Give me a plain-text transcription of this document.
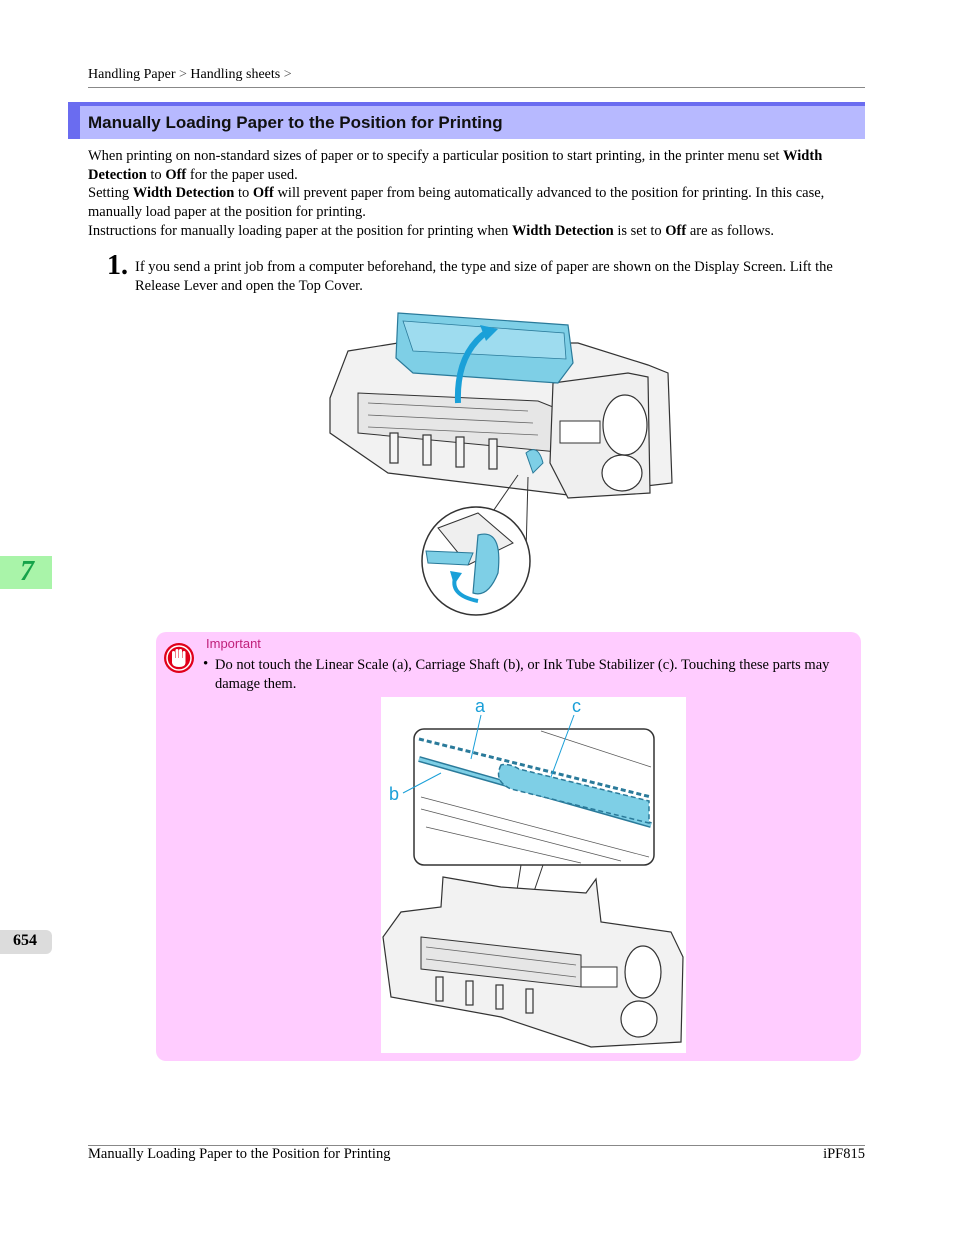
Handling Paper > Handling sheets >
Manually Loading Paper to the Position for Printing
When printing on non-standard sizes of paper or to specify a particular position to start printing, in the printer menu set Width Detection to Off for the paper used.
Setting Width Detection to Off will prevent paper from being automatically advanced to the position for printing. In this case, manually load paper at the position for printing.
Instructions for manually loading paper at the position for printing when Width Detection is set to Off are as follows.
1. If you send a print job from a computer beforehand, the type and size of paper are shown on the Display Screen. Lift the Release Lever and open the Top Cover.
7
654
Important
• Do not touch the Linear Scale (a), Carriage Shaft (b), or Ink Tube Stabilizer (c). Touching these parts may damage them.
a	c
b
Manually Loading Paper to the Position for Printing	iPF815
